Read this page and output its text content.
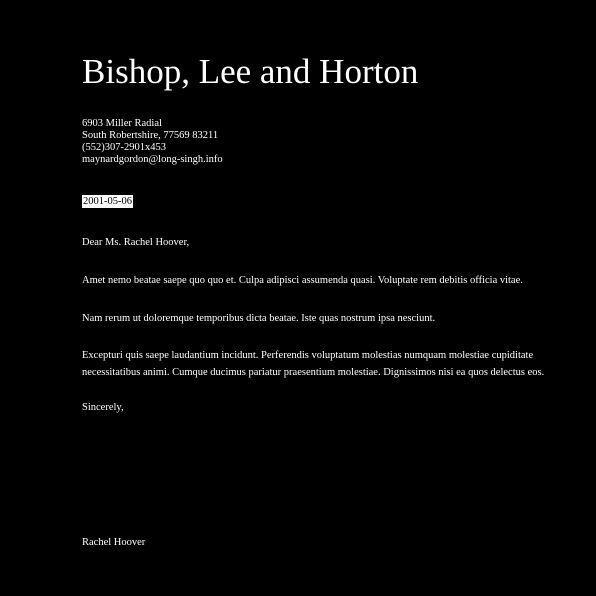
Bishop, Lee and Horton
6903 Miller Radial
South Robertshire, 77569 83211
(552)307-2901x453
maynardgordon@long-singh.info
2001-05-06
Dear Ms. Rachel Hoover,
Amet nemo beatae saepe quo quo et. Culpa adipisci assumenda quasi. Voluptate rem debitis officia vitae.
Nam rerum ut doloremque temporibus dicta beatae. Iste quas nostrum ipsa nesciunt.
Excepturi quis saepe laudantium incidunt. Perferendis voluptatum molestias numquam molestiae cupiditate necessitatibus animi. Cumque ducimus pariatur praesentium molestiae. Dignissimos nisi ea quos delectus eos.
Sincerely,
Rachel Hoover
